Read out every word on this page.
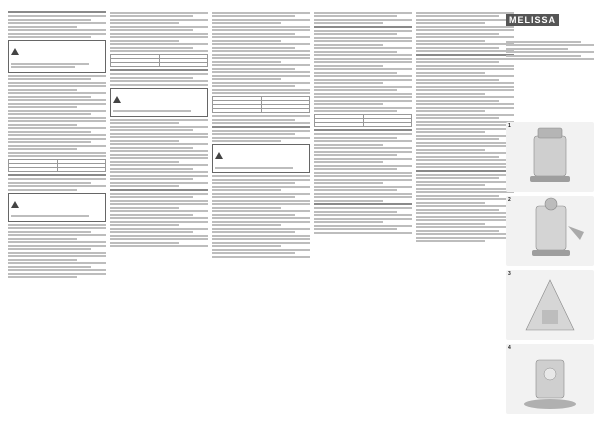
MELISSA
1
2
3
4
